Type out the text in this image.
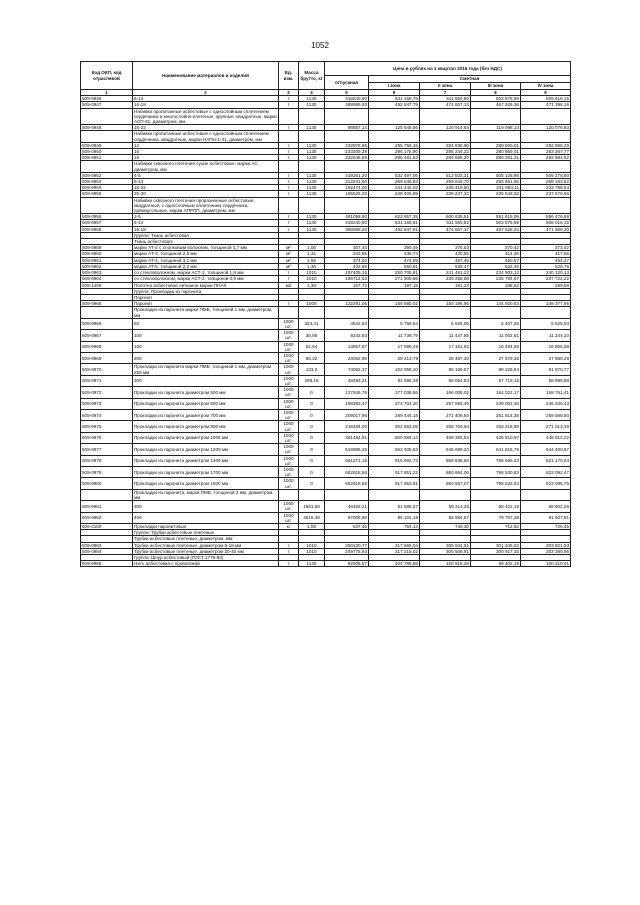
1052
Код ОКП, код отраслевой	Наименование материалов и изделий	Ед. изм.	Масса брутто, кг	Цена в рублях на 1 квартал 2016 года (без НДС)				
				отпускная	Сметная			
					I зона	II зона	III зона	IV зона
1	2	3	4	5	6	7	8	9
509-0946	6-14	т	1130	418240,80	531 165,79	511 560,80	503 875,59	509 616,15
509-0947	16-18	т	1130	388069,20	492 847,79	474 657,13	467 526,36	471 396,16
	Набивки пропитанные асбестовые с однослойным сплетением сердечника и многослойно-плетеные, крупные, квадратные, марки АСП-31, диаметром, мм							
509-0948	16-22	т	1130	98857,14	125 548,56	120 914,64	119 098,14	120 076,83
	Набивки пропитанные асбестовые с однослойным сплетением сердечника, квадратные, марки НАПН-1-31, диаметром, мм							
509-0949	12	т	1130	232878,85	295 756,15	284 838,96	280 560,01	282 866,29
509-0950	16	т	1130	233209,39	296 175,90	285 244,22	280 959,01	283 267,77
509-0951	19	т	1130	232646,88	295 461,53	284 556,20	280 281,31	282 584,52
	Набивки сквозного плетения сухие асбестовые, марки АС, диаметром, мм							
509-0952	4-5	т	1130	419261,20	532 497,06	512 833,31	505 128,98	509 278,80
509-0953	6-14	т	1130	212241,60	269 546,83	259 643,70	255 651,65	258 163,62
509-0954	16-22	т	1130	192474,00	244 442,02	235 419,50	231 883,11	233 788,54
509-0955	25-30	т	1130	195525,20	248 405,89	239 237,32	235 643,32	237 579,66
	Набивки сквозного плетения проразненные асбестовые, квадратные, с однослойным оплетением сердечника, прямоугольные, марки АПРПП, диаметром, мм							
509-0956	3-5	т	1130	491058,60	623 657,35	600 635,51	591 615,06	596 476,69
509-0957	6-14	т	1130	418240,80	531 165,81	511 560,82	503 875,59	508 016,15
509-0958	16-18	т	1130	388069,20	492 847,91	474 657,17	467 526,34	471 368,30
	Группа: Ткань асбестовая							
	Ткань асбестовая:							
509-0959	марки АТ-2 с хлопковым волокном, толщиной 1,7 мм	м²	1,06	307,44	390,49	376,03	370,42	373,42
509-0960	марки АТ-3, толщиной 2,5 мм	м²	1,31	343,85	436,74	420,55	414,30	417,65
509-0961	марки АТ-4, толщиной 3,1 мм	м²	1,55	374,02	474,99	457,45	450,57	454,27
509-0962	марки АТ-5, толщиной 2,2 мм	м²	1,36	433,69	550,81	530,47	522,49	526,75
509-0963	со стекловолокном, марки АСТ-1, толщиной 1,8 мм	т	1010	197405,15	250 705,81	241 451,22	234 903,12	240 120,13
509-0964	со стекловолокном, марки АСТ-2, толщиной 0,9 мм	т	1010	196712,53	271 805,56	239 282,88	235 784,67	237 722,22
509-1406	Полотно асбестовое нетканое марки ПНАХ	м2	1,36	157,72	197,15	191,23	188,52	189,68
	Группа: Прокладка из паронита							
	Паронит							
509-0965	Паронит	т	1000	122291,05	156 580,02	150 196,96	144 920,63	149 377,95
	Прокладки из паронита марки ПМБ, толщиной 1 мм, диаметром, мм							
509-0966	50	1000 шт.	324,41	4542,94	5 769,54	5 626,06	5 407,25	5 525,93
509-0967	100	1000 шт.	30,95	9243,93	11 739,79	11 447,85	11 002,61	11 244,10
509-0968	150	1000 шт.	62,64	13857,87	17 599,49	17 161,82	16 494,36	16 856,38
509-0969	200	1000 шт.	55,32	23062,99	29 213,79	28 487,30	27 379,36	27 980,28
509-0970	Прокладки из паронита марки ПМБ, толщиной 1 мм, диаметром 250 мм	1000 шт.	133,2	74062,37	102 058,10	96 166,57	89 226,64	91 970,77
509-0971	300	1000 шт.	298,16	48493,21	61 586,38	60 054,84	57 719,15	58 985,88
509-0972	Прокладки из паронита диаметром 500 мм	1000 шт.	0	127845,76	177 038,56	166 008,02	154 022,17	158 761,41
509-0973	Прокладки из паронита диаметром 600 мм	1000 шт.	0	198383,47	274 704,20	257 593,40	239 002,48	246 346,43
509-0974	Прокладки из паронита диаметром 700 мм	1000 шт.	0	209017,96	289 444,18	271 406,84	251 814,38	259 588,50
509-0975	Прокладки из паронита диаметром 800 мм	1000 шт.	0	218484,00	302 553,05	283 704,64	263 218,89	271 313,39
509-0976	Прокладки из паронита диаметром 1000 мм	1000 шт.	0	361484,91	500 584,14	469 393,54	435 510,97	448 912,22
509-0977	Прокладки из паронита диаметром 1200 мм	1000 шт.	0	519986,26	652 405,63	645 699,23	641 816,79	644 400,97
509-0978	Прокладки из паронита диаметром 1400 мм	1000 шт.	0	661271,16	915 692,73	858 638,50	796 666,43	821 170,04
509-0979	Прокладки из паронита диаметром 1700 мм	1000 шт.	0	662818,56	917 851,22	860 664,06	798 530,63	823 092,47
509-0980	Прокладки из паронита диаметром 1900 мм	1000 шт.	0	662818,56	917 853,91	860 667,07	798 533,63	823 095,76
	Прокладки из паронита, марки ПМБ, толщиной 3 мм, диаметром, мм							
509-0981	300	1000 шт.	1561,68	48493,21	61 586,37	59 313,26	58 422,19	58 902,26
509-0982	400	1000 шт.	4515,48	67008,80	85 101,18	82 984,87	79 757,38	81 507,91
509-2150	Прокладки паронитовые	кг	1,08	637,45	754,13	740,30	712,62	726,45
	Группа: Трубки асбестовые плетеные							
	Трубки асбестовые плетеные, диаметром, мм:							
509-0983	Трубки асбестовые плетеные, диаметром 5-18 мм	т	1010	250130,77	317 668,04	305 941,91	301 345,03	303 821,53
509-0984	Трубки асбестовые плетеные, диаметром 20-40 мм	т	1010	249775,93	317 215,02	305 506,91	300 917,15	303 380,95
	Группа: Шнур асбестовый (ГОСТ 1779-83)							
509-0985	Нить асбестовая с проволокой	т	1130	82508,57	104 786,86	100 918,28	99 402,19	100 219,01
